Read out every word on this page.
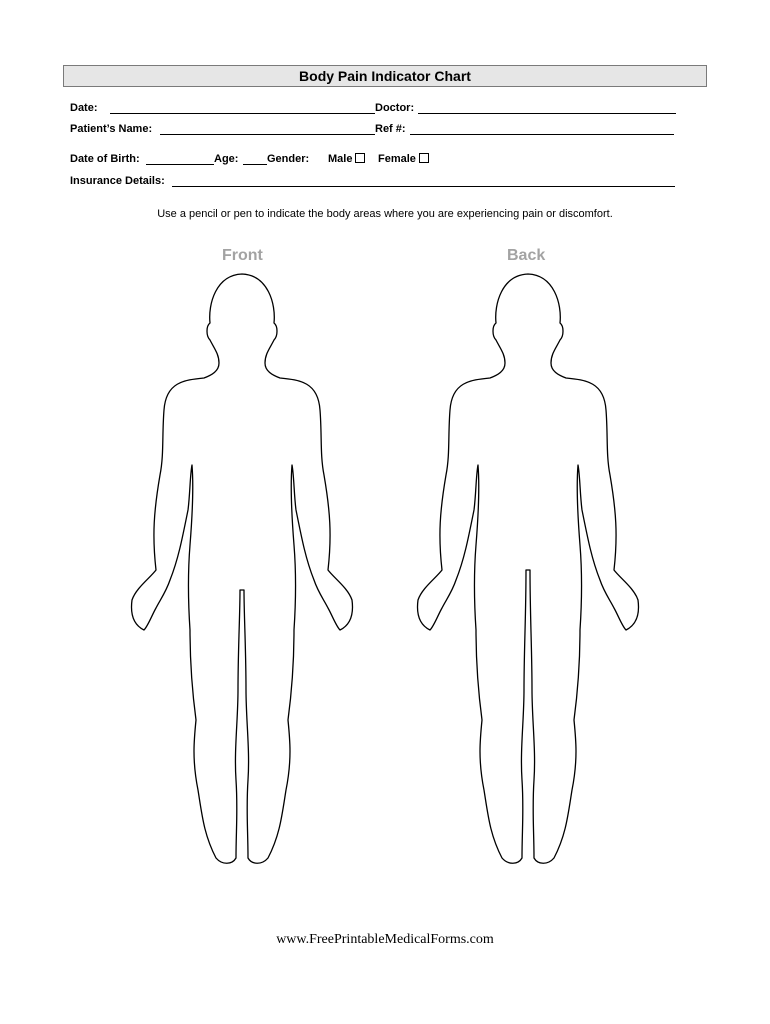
Body Pain Indicator Chart
Date:	Doctor:
Patient’s Name:	Ref #:
Date of Birth:	Age:	Gender: Male	Female
Insurance Details:
Use a pencil or pen to indicate the body areas where you are experiencing pain or discomfort.
Front	Back
www.FreePrintableMedicalForms.com
